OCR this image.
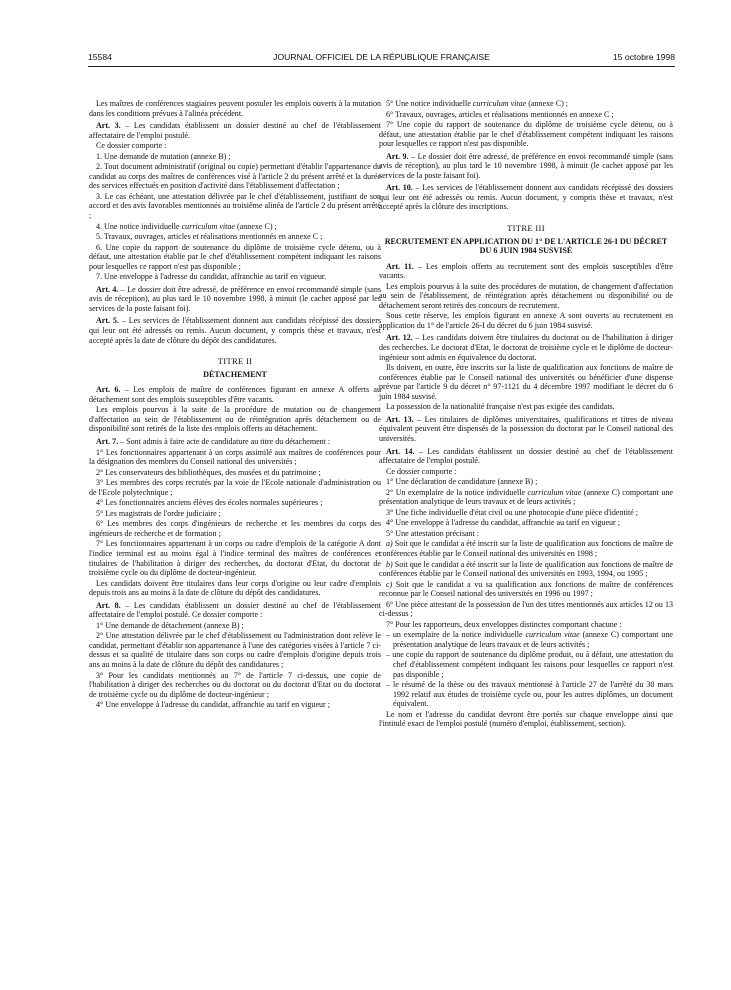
15584	JOURNAL OFFICIEL DE LA RÉPUBLIQUE FRANÇAISE	15 octobre 1998

Les maîtres de conférences stagiaires peuvent postuler les emplois ouverts à la mutation dans les conditions prévues à l'alinéa précédent.

Art. 3. – Les candidats établissent un dossier destiné au chef de l'établissement affectataire de l'emploi postulé.

Ce dossier comporte :

1. Une demande de mutation (annexe B) ;

2. Tout document administratif (original ou copie) permettant d'établir l'appartenance du candidat au corps des maîtres de conférences visé à l'article 2 du présent arrêté et la durée des services effectués en position d'activité dans l'établissement d'affectation ;

3. Le cas échéant, une attestation délivrée par le chef d'établissement, justifiant de son accord et des avis favorables mentionnés au troisième alinéa de l'article 2 du présent arrêté ;

4. Une notice individuelle curriculum vitae (annexe C) ;

5. Travaux, ouvrages, articles et réalisations mentionnés en annexe C ;

6. Une copie du rapport de soutenance du diplôme de troisième cycle détenu, ou à défaut, une attestation établie par le chef d'établissement compétent indiquant les raisons pour lesquelles ce rapport n'est pas disponible ;

7. Une enveloppe à l'adresse du candidat, affranchie au tarif en vigueur.

Art. 4. – Le dossier doit être adressé, de préférence en envoi recommandé simple (sans avis de réception), au plus tard le 10 novembre 1998, à minuit (le cachet apposé par les services de la poste faisant foi).

Art. 5. – Les services de l'établissement donnent aux candidats récépissé des dossiers qui leur ont été adressés ou remis. Aucun document, y compris thèse et travaux, n'est accepté après la date de clôture du dépôt des candidatures.

TITRE II

DÉTACHEMENT

Art. 6. – Les emplois de maître de conférences figurant en annexe A offerts au détachement sont des emplois susceptibles d'être vacants.

Les emplois pourvus à la suite de la procédure de mutation ou de changement d'affectation au sein de l'établissement ou de réintégration après détachement ou de disponibilité sont retirés de la liste des emplois offerts au détachement.

Art. 7. – Sont admis à faire acte de candidature au titre du détachement :

1° Les fonctionnaires appartenant à un corps assimilé aux maîtres de conférences pour la désignation des membres du Conseil national des universités ;

2° Les conservateurs des bibliothèques, des musées et du patrimoine ;

3° Les membres des corps recrutés par la voie de l'Ecole nationale d'administration ou de l'Ecole polytechnique ;

4° Les fonctionnaires anciens élèves des écoles normales supérieures ;

5° Les magistrats de l'ordre judiciaire ;

6° Les membres des corps d'ingénieurs de recherche et les membres du corps des ingénieurs de recherche et de formation ;

7° Les fonctionnaires appartenant à un corps ou cadre d'emplois de la catégorie A dont l'indice terminal est au moins égal à l'indice terminal des maîtres de conférences et titulaires de l'habilitation à diriger des recherches, du doctorat d'Etat, du doctorat de troisième cycle ou du diplôme de docteur-ingénieur.

Les candidats doivent être titulaires dans leur corps d'origine ou leur cadre d'emplois depuis trois ans au moins à la date de clôture du dépôt des candidatures.

Art. 8. – Les candidats établissent un dossier destiné au chef de l'établissement affectataire de l'emploi postulé. Ce dossier comporte :

1° Une demande de détachement (annexe B) ;

2° Une attestation délivrée par le chef d'établissement ou l'administration dont relève le candidat, permettant d'établir son appartenance à l'une des catégories visées à l'article 7 ci-dessus et sa qualité de titulaire dans son corps ou cadre d'emplois d'origine depuis trois ans au moins à la date de clôture du dépôt des candidatures ;

3° Pour les candidats mentionnés au 7° de l'article 7 ci-dessus, une copie de l'habilitation à diriger des recherches ou du doctorat ou du doctorat d'Etat ou du doctorat de troisième cycle ou du diplôme de docteur-ingénieur ;

4° Une enveloppe à l'adresse du candidat, affranchie au tarif en vigueur ;

5° Une notice individuelle curriculum vitae (annexe C) ;

6° Travaux, ouvrages, articles et réalisations mentionnés en annexe C ;

7° Une copie du rapport de soutenance du diplôme de troisième cycle détenu, ou à défaut, une attestation établie par le chef d'établissement compétent indiquant les raisons pour lesquelles ce rapport n'est pas disponible.

Art. 9. – Le dossier doit être adressé, de préférence en envoi recommandé simple (sans avis de réception), au plus tard le 10 novembre 1998, à minuit (le cachet apposé par les services de la poste faisant foi).

Art. 10. – Les services de l'établissement donnent aux candidats récépissé des dossiers qui leur ont été adressés ou remis. Aucun document, y compris thèse et travaux, n'est accepté après la clôture des inscriptions.

TITRE III

RECRUTEMENT EN APPLICATION DU 1° DE L'ARTICLE 26-I DU DÉCRET DU 6 JUIN 1984 SUSVISÉ

Art. 11. – Les emplois offerts au recrutement sont des emplois susceptibles d'être vacants.

Les emplois pourvus à la suite des procédures de mutation, de changement d'affectation au sein de l'établissement, de réintégration après détachement ou disponibilité ou de détachement seront retirés des concours de recrutement.

Sous cette réserve, les emplois figurant en annexe A sont ouverts au recrutement en application du 1° de l'article 26-I du décret du 6 juin 1984 susvisé.

Art. 12. – Les candidats doivent être titulaires du doctorat ou de l'habilitation à diriger des recherches. Le doctorat d'Etat, le doctorat de troisième cycle et le diplôme de docteur-ingénieur sont admis en équivalence du doctorat.

Ils doivent, en outre, être inscrits sur la liste de qualification aux fonctions de maître de conférences établie par le Conseil national des universités ou bénéficier d'une dispense prévue par l'article 9 du décret n° 97-1121 du 4 décembre 1997 modifiant le décret du 6 juin 1984 susvisé.

La possession de la nationalité française n'est pas exigée des candidats.

Art. 13. – Les titulaires de diplômes universitaires, qualifications et titres de niveau équivalent peuvent être dispensés de la possession du doctorat par le Conseil national des universités.

Art. 14. – Les candidats établissent un dossier destiné au chef de l'établissement affectataire de l'emploi postulé.

Ce dossier comporte :

1° Une déclaration de candidature (annexe B) ;

2° Un exemplaire de la notice individuelle curriculum vitae (annexe C) comportant une présentation analytique de leurs travaux et de leurs activités ;

3° Une fiche individuelle d'état civil ou une photocopie d'une pièce d'identité ;

4° Une enveloppe à l'adresse du candidat, affranchie au tarif en vigueur ;

5° Une attestation précisant :

a) Soit que le candidat a été inscrit sur la liste de qualification aux fonctions de maître de conférences établie par le Conseil national des universités en 1998 ;

b) Soit que le candidat a été inscrit sur la liste de qualification aux fonctions de maître de conférences établie par le Conseil national des universités en 1993, 1994, ou 1995 ;

c) Soit que le candidat a vu sa qualification aux fonctions de maître de conférences reconnue par le Conseil national des universités en 1996 ou 1997 ;

6° Une pièce attestant de la possession de l'un des titres mentionnés aux articles 12 ou 13 ci-dessus ;

7° Pour les rapporteurs, deux enveloppes distinctes comportant chacune :

– un exemplaire de la notice individuelle curriculum vitae (annexe C) comportant une présentation analytique de leurs travaux et de leurs activités ;

– une copie du rapport de soutenance du diplôme produit, ou à défaut, une attestation du chef d'établissement compétent indiquant les raisons pour lesquelles ce rapport n'est pas disponible ;

– le résumé de la thèse ou des travaux mentionné à l'article 27 de l'arrêté du 30 mars 1992 relatif aux études de troisième cycle ou, pour les autres diplômes, un document équivalent.

Le nom et l'adresse du candidat devront être portés sur chaque enveloppe ainsi que l'intitulé exact de l'emploi postulé (numéro d'emploi, établissement, section).
